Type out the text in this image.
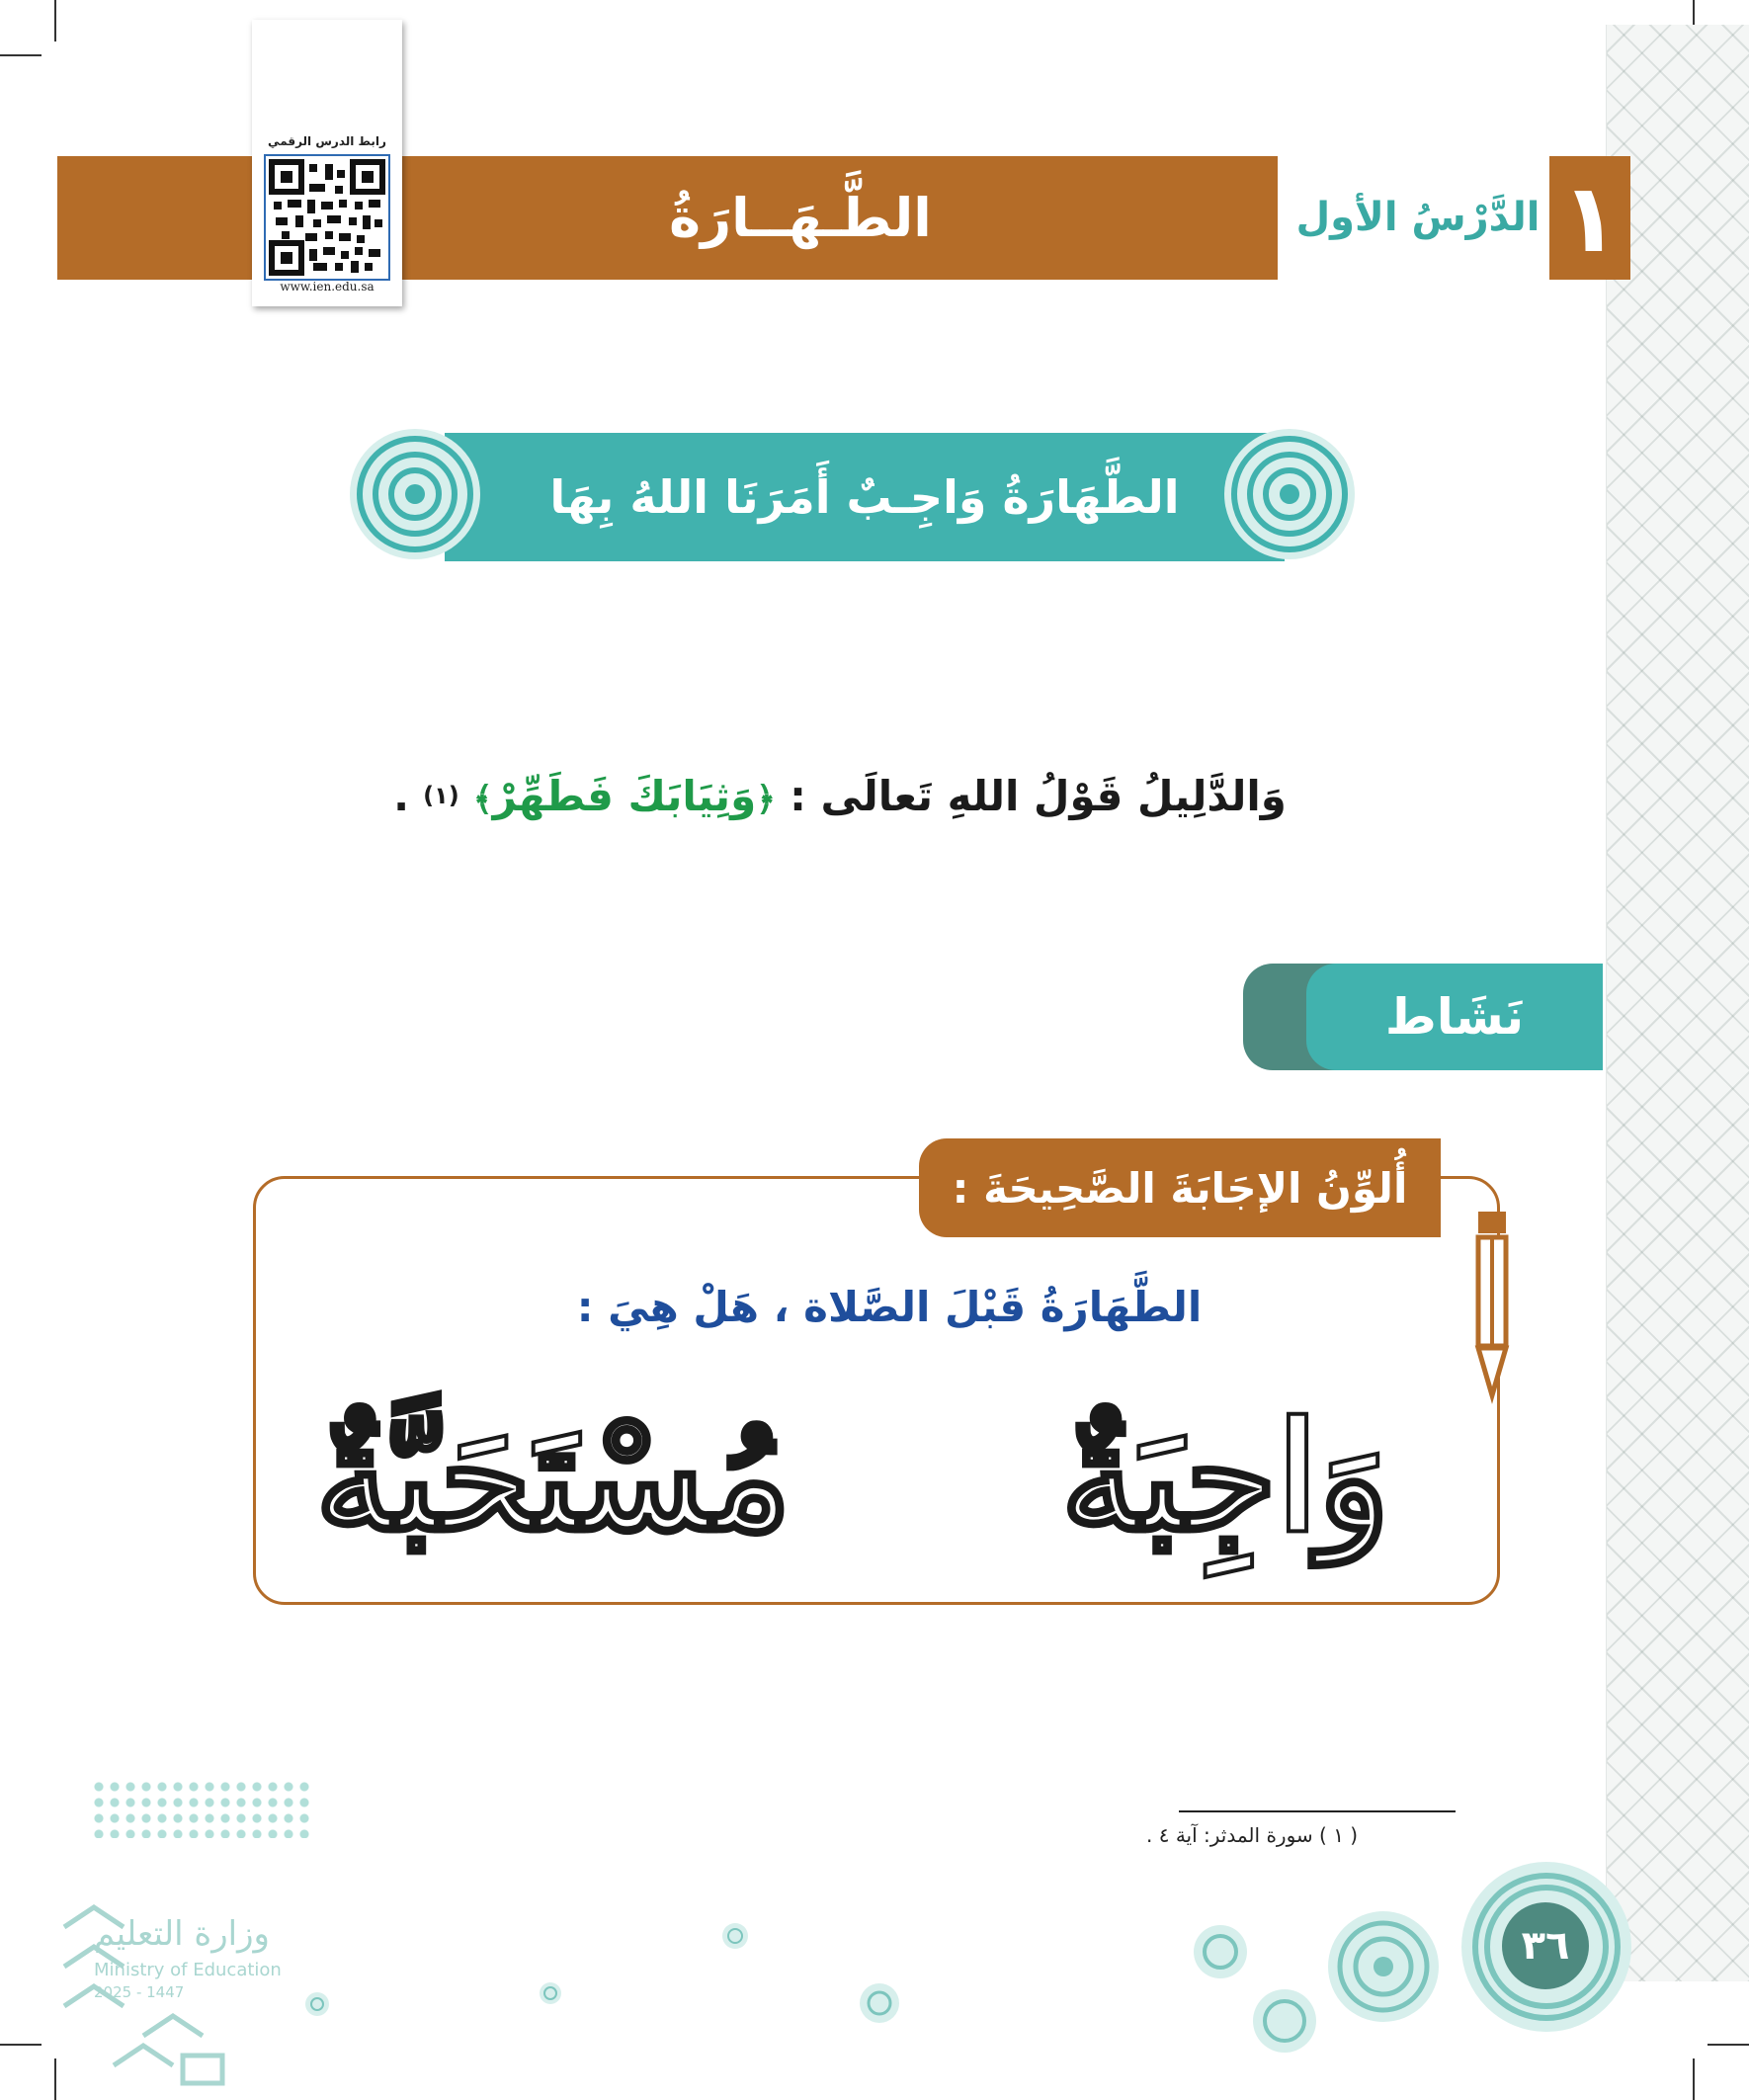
الطَّـهَــارَةُ	الدَّرْسُ الأول ١
رابط الدرس الرقمي
www.ien.edu.sa
الطَّهَارَةُ وَاجِـبٌ أَمَرَنَا اللهُ بِهَا
وَالدَّلِيلُ قَوْلُ اللهِ تَعالَى :
﴿وَثِيَابَكَ فَطَهِّرْ﴾
(١)
.
نَشَاط
أُلوِّنُ الإجَابَةَ الصَّحِيحَةَ :
الطَّهَارَةُ قَبْلَ الصَّلاة ، هَلْ هِيَ :
وَاجِبَةٌ
مُسْتَحَبَّةٌ
( ١ ) سورة المدثر: آية ٤ .
٣٦
وزارة التعليم
Ministry of Education
2025 - 1447
